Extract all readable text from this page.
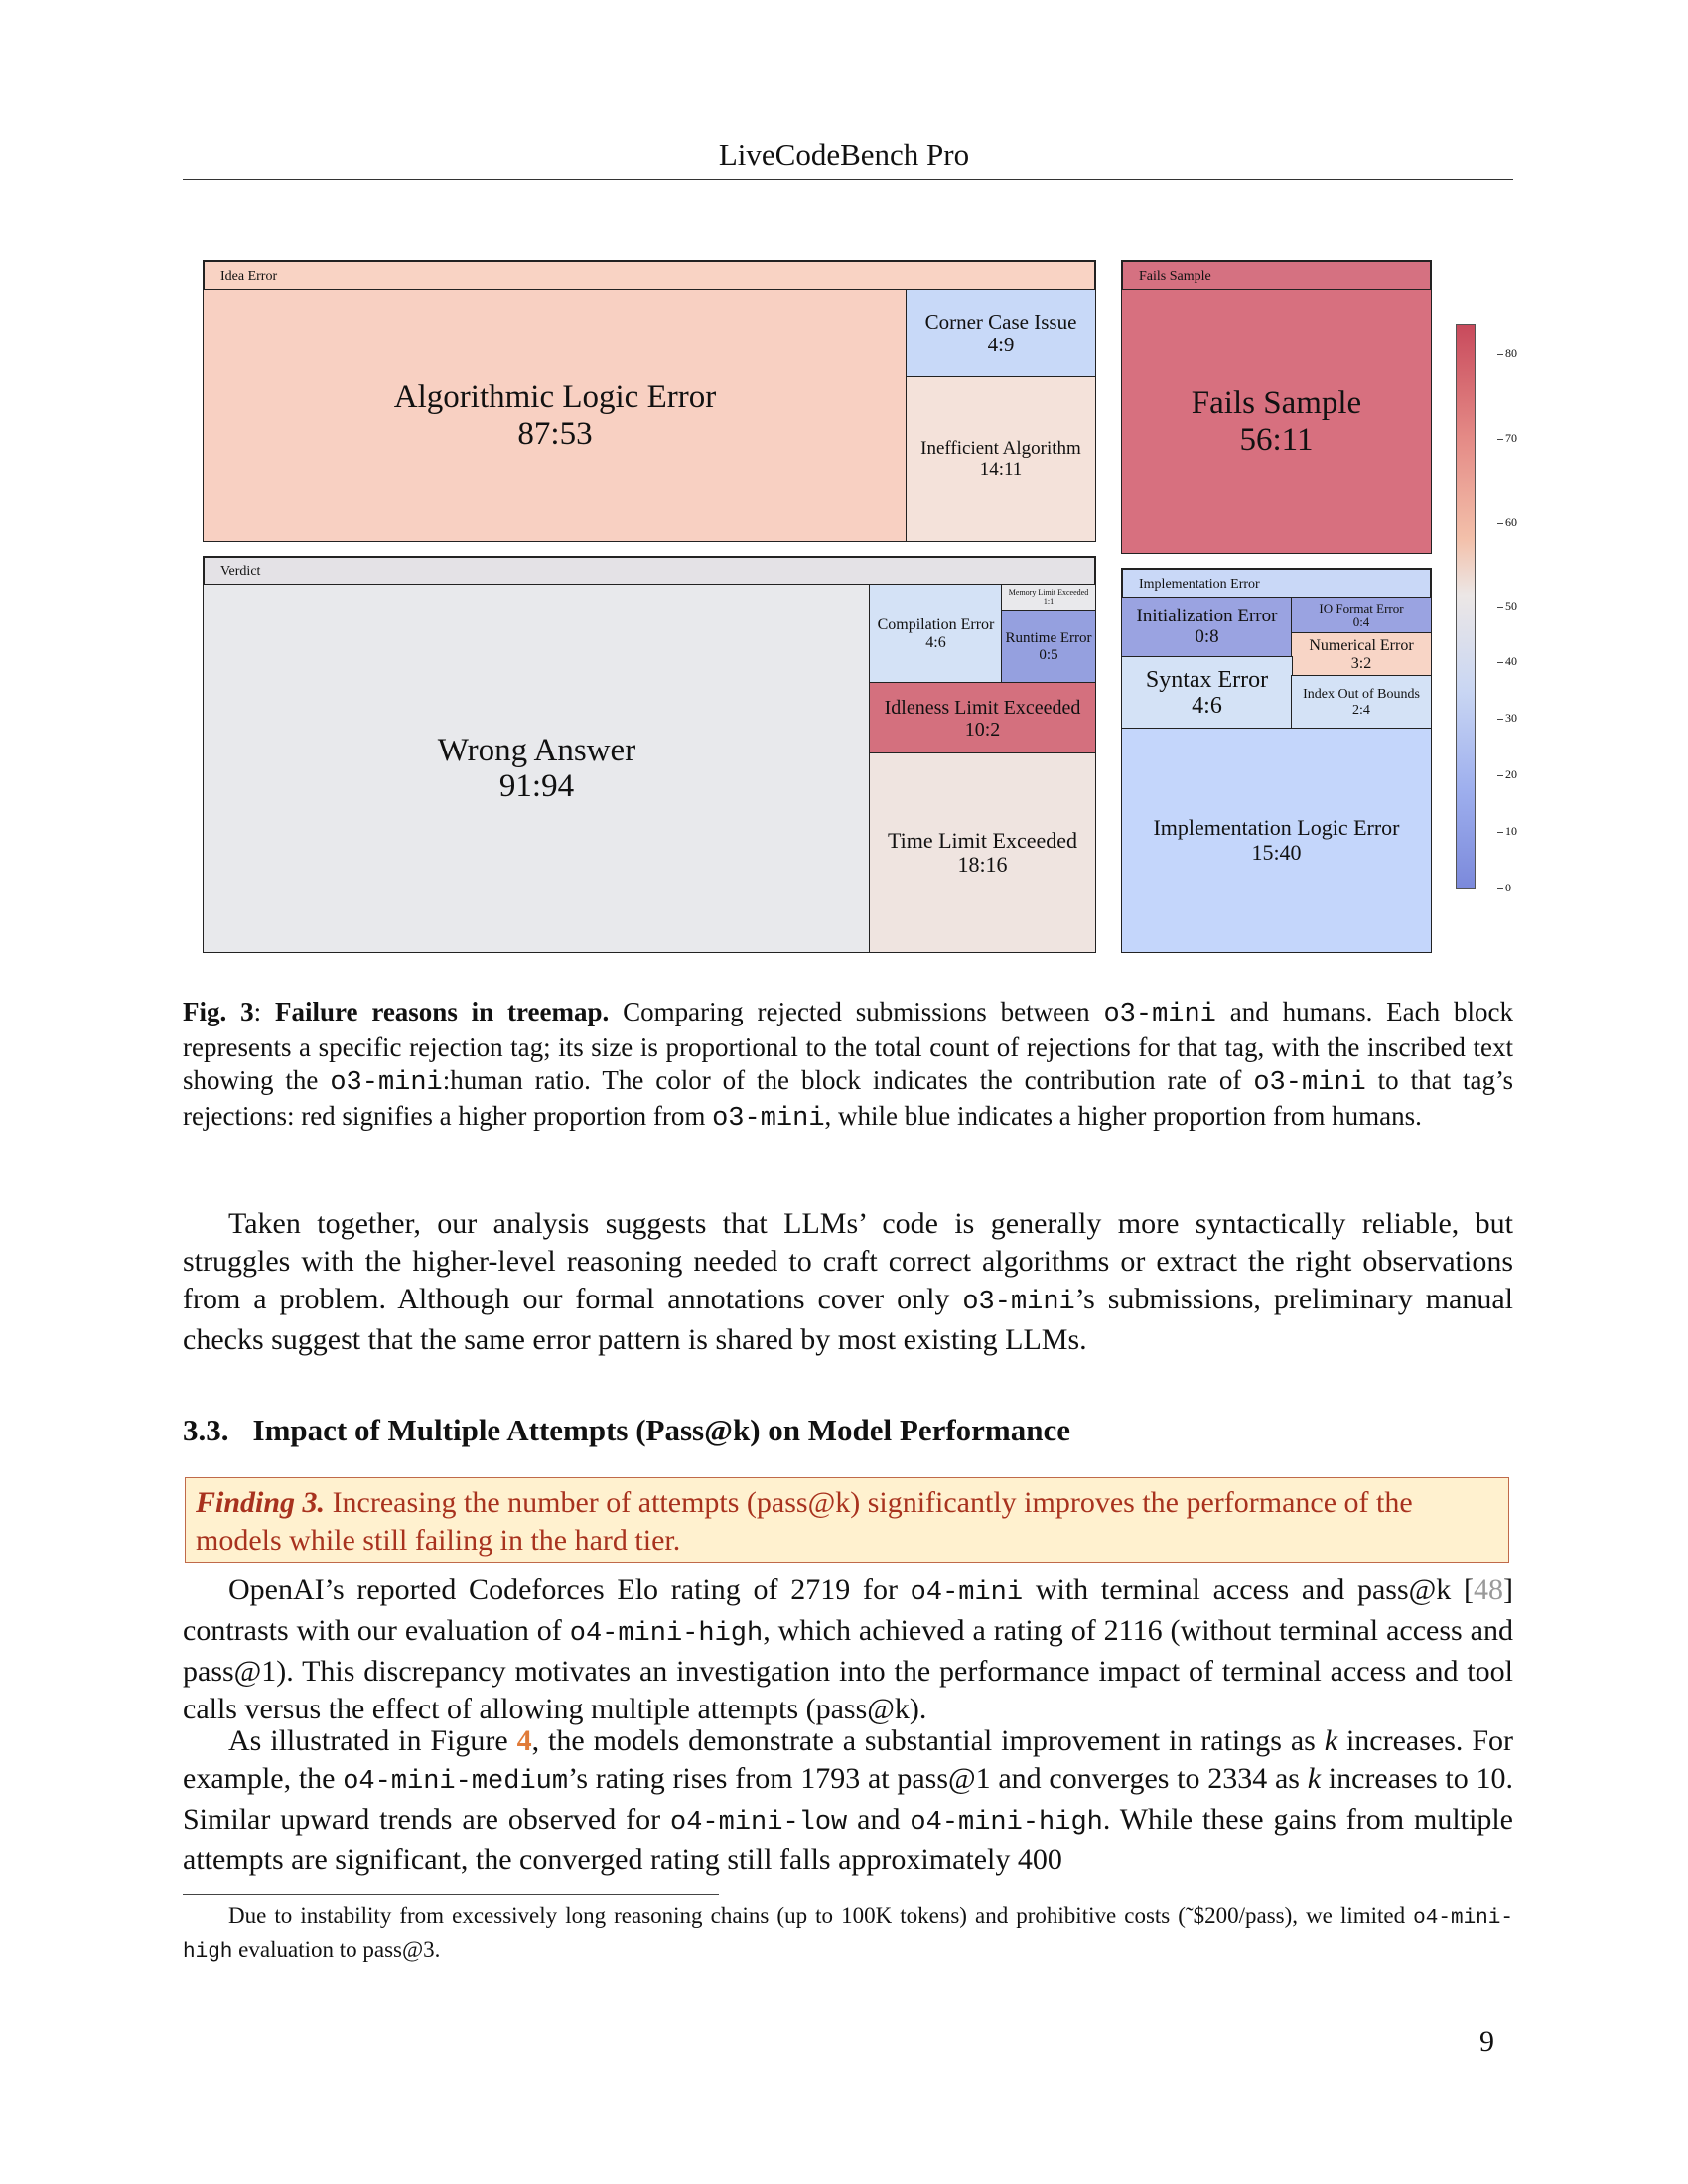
LiveCodeBench Pro
Idea Error
Algorithmic Logic Error
87:53
Corner Case Issue
4:9
Inefficient Algorithm
14:11
Fails Sample
Fails Sample
56:11
Verdict
Wrong Answer
91:94
Compilation Error
4:6
Memory Limit Exceeded
1:1
Runtime Error
0:5
Idleness Limit Exceeded
10:2
Time Limit Exceeded
18:16
Implementation Error
Initialization Error
0:8
IO Format Error
0:4
Numerical Error
3:2
Syntax Error
4:6	Index Out of Bounds
2:4
Implementation Logic Error
15:40
80
70
60
50
40
30
20
10
0
Fig. 3: Failure reasons in treemap. Comparing rejected submissions between o3-mini and humans. Each block represents a specific rejection tag; its size is proportional to the total count of rejections for that tag, with the inscribed text showing the o3-mini:human ratio. The color of the block indicates the contribution rate of o3-mini to that tag’s rejections: red signifies a higher proportion from o3-mini, while blue indicates a higher proportion from humans.
Taken together, our analysis suggests that LLMs’ code is generally more syntactically reliable, but struggles with the higher-level reasoning needed to craft correct algorithms or extract the right observations from a problem. Although our formal annotations cover only o3-mini’s submissions, preliminary manual checks suggest that the same error pattern is shared by most existing LLMs.
3.3. Impact of Multiple Attempts (Pass@k) on Model Performance
Finding 3. Increasing the number of attempts (pass@k) significantly improves the performance of the models while still failing in the hard tier.
OpenAI’s reported Codeforces Elo rating of 2719 for o4-mini with terminal access and pass@k [48] contrasts with our evaluation of o4-mini-high, which achieved a rating of 2116 (without terminal access and pass@1). This discrepancy motivates an investigation into the performance impact of terminal access and tool calls versus the effect of allowing multiple attempts (pass@k).
As illustrated in Figure 4, the models demonstrate a substantial improvement in ratings as k increases. For example, the o4-mini-medium’s rating rises from 1793 at pass@1 and converges to 2334 as k increases to 10. Similar upward trends are observed for o4-mini-low and o4-mini-high. While these gains from multiple attempts are significant, the converged rating still falls approximately 400
Due to instability from excessively long reasoning chains (up to 100K tokens) and prohibitive costs (˜$200/pass), we limited o4-mini-high evaluation to pass@3.
9
